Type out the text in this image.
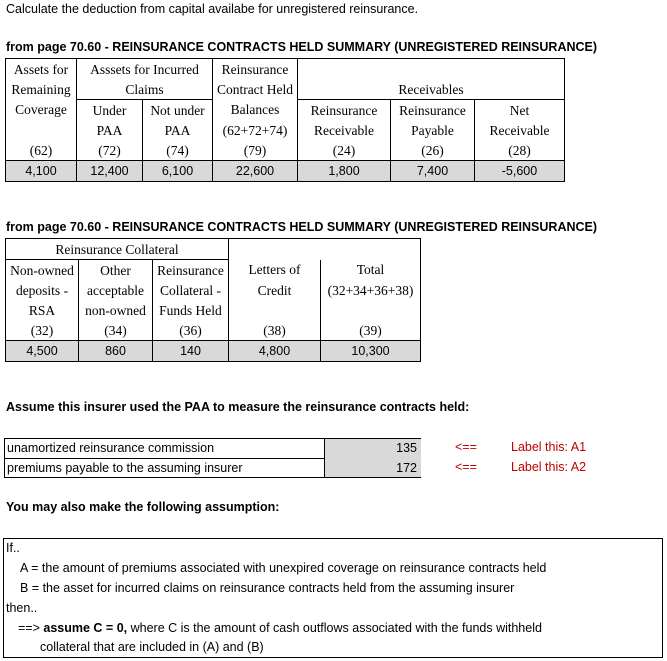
Calculate the deduction from capital availabe for unregistered reinsurance.
from page 70.60 - REINSURANCE CONTRACTS HELD SUMMARY (UNREGISTERED REINSURANCE)
Assets for	Asssets for Incurred		Reinsurance			
Remaining	Claims		Contract Held	Receivables		
Coverage	Under	Not under	Balances	Reinsurance	Reinsurance	Net
	PAA	PAA	(62+72+74)	Receivable	Payable	Receivable
(62)	(72)	(74)	(79)	(24)	(26)	(28)
4,100	12,400	6,100	22,600	1,800	7,400	-5,600
from page 70.60 - REINSURANCE CONTRACTS HELD SUMMARY (UNREGISTERED REINSURANCE)
Reinsurance Collateral				
Non-owned	Other	Reinsurance	Letters of	Total
deposits -	acceptable	Collateral -	Credit	(32+34+36+38)
RSA	non-owned	Funds Held		
(32)	(34)	(36)	(38)	(39)
4,500	860	140	4,800	10,300
Assume this insurer used the PAA to measure the reinsurance contracts held:
unamortized reinsurance commission	135
premiums payable to the assuming insurer	172
<==	Label this: A1
<==	Label this: A2
You may also make the following assumption:
If..
A = the amount of premiums associated with unexpired coverage on reinsurance contracts held
B = the asset for incurred claims on reinsurance contracts held from the assuming insurer
then..
==> assume C = 0, where C is the amount of cash outflows associated with the funds withheld
collateral that are included in (A) and (B)
